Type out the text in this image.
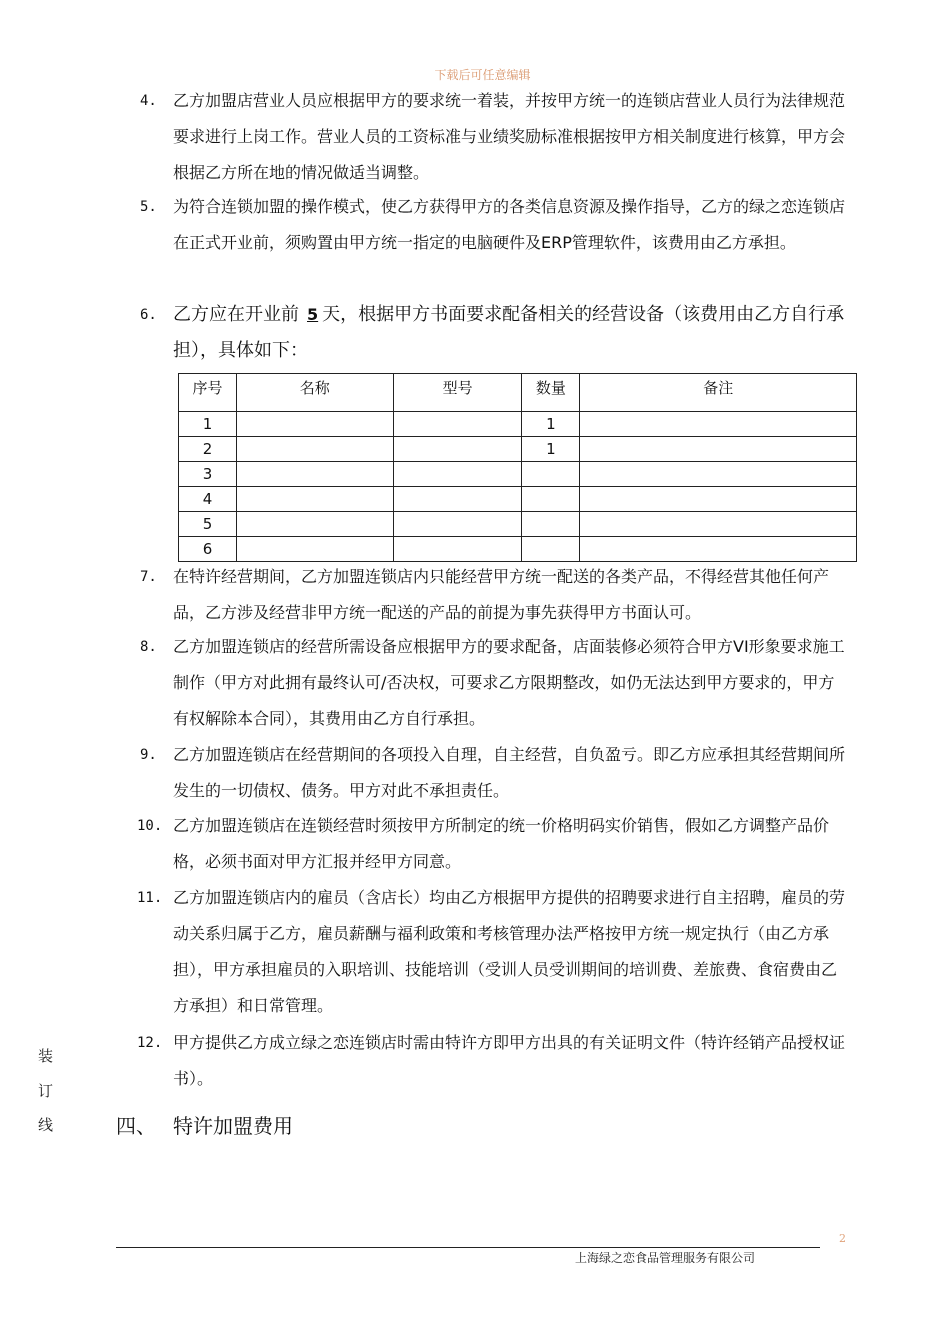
下载后可任意编辑
4.	乙方加盟店营业人员应根据甲方的要求统一着装，并按甲方统一的连锁店营业人员行为法律规范要求进行上岗工作。营业人员的工资标准与业绩奖励标准根据按甲方相关制度进行核算，甲方会根据乙方所在地的情况做适当调整。
5.	为符合连锁加盟的操作模式，使乙方获得甲方的各类信息资源及操作指导，乙方的绿之恋连锁店在正式开业前，须购置由甲方统一指定的电脑硬件及ERP管理软件，该费用由乙方承担。
6. 乙方应在开业前 5 天，根据甲方书面要求配备相关的经营设备（该费用由乙方自行承担），具体如下：
序号	名称	型号	数量	备注
1			1	
2			1	
3				
4				
5				
6				
7.	在特许经营期间，乙方加盟连锁店内只能经营甲方统一配送的各类产品，不得经营其他任何产品，乙方涉及经营非甲方统一配送的产品的前提为事先获得甲方书面认可。
8.	乙方加盟连锁店的经营所需设备应根据甲方的要求配备，店面装修必须符合甲方VI形象要求施工制作（甲方对此拥有最终认可/否决权，可要求乙方限期整改，如仍无法达到甲方要求的，甲方有权解除本合同），其费用由乙方自行承担。
9.	乙方加盟连锁店在经营期间的各项投入自理，自主经营，自负盈亏。即乙方应承担其经营期间所发生的一切债权、债务。甲方对此不承担责任。
10. 乙方加盟连锁店在连锁经营时须按甲方所制定的统一价格明码实价销售，假如乙方调整产品价格，必须书面对甲方汇报并经甲方同意。
11. 乙方加盟连锁店内的雇员（含店长）均由乙方根据甲方提供的招聘要求进行自主招聘，雇员的劳动关系归属于乙方，雇员薪酬与福利政策和考核管理办法严格按甲方统一规定执行（由乙方承担），甲方承担雇员的入职培训、技能培训（受训人员受训期间的培训费、差旅费、食宿费由乙方承担）和日常管理。
12. 甲方提供乙方成立绿之恋连锁店时需由特许方即甲方出具的有关证明文件（特许经销产品授权证书）。
装
订
线	四、 特许加盟费用
2
上海绿之恋食品管理服务有限公司
